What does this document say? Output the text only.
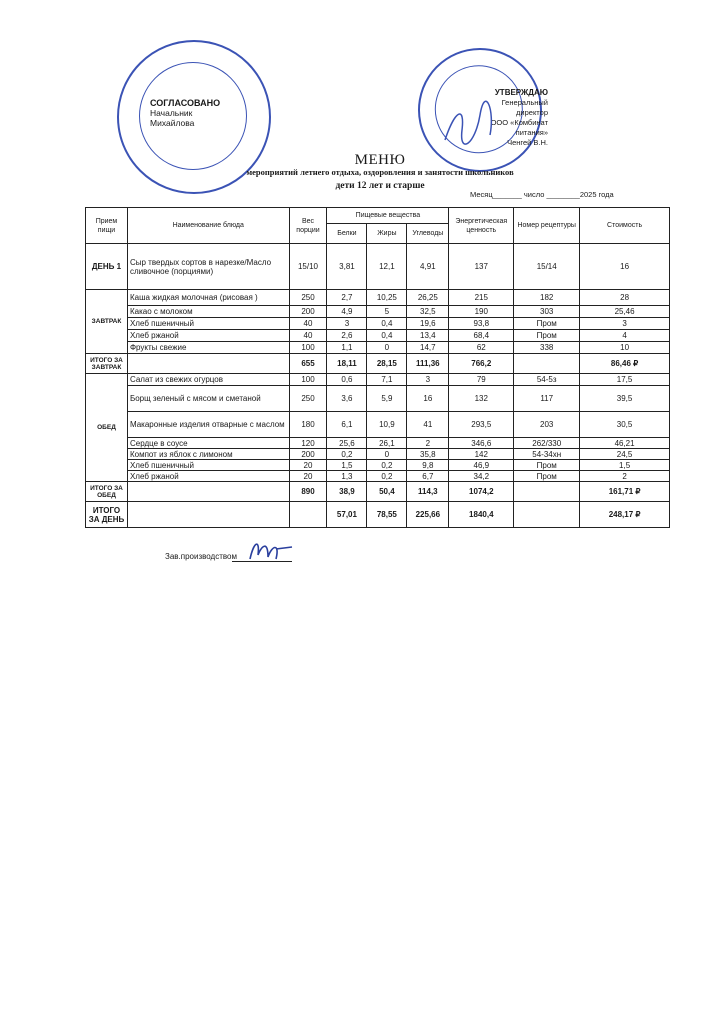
СОГЛАСОВАНО
Начальник
Михайлова
УТВЕРЖДАЮ
Генеральный директор
ООО «Комбинат питания»
Ченгей В.Н.
МЕНЮ
мероприятий летнего отдыха, оздоровления и занятости школьников
дети 12 лет и старше
Месяц_______ число ________2025 года
Прием пищи	Наименование блюда	Вес порции	Пищевые вещества			Энергетическая ценность	Номер рецептуры	Стоимость
			Белки	Жиры	Углеводы			
ДЕНЬ 1	Сыр твердых сортов в нарезке/Масло сливочное (порциями)	15/10	3,81	12,1	4,91	137	15/14	16
ЗАВТРАК	Каша жидкая молочная (рисовая )	250	2,7	10,25	26,25	215	182	28
	Какао с молоком	200	4,9	5	32,5	190	303	25,46
	Хлеб пшеничный	40	3	0,4	19,6	93,8	Пром	3
	Хлеб ржаной	40	2,6	0,4	13,4	68,4	Пром	4
	Фрукты свежие	100	1,1	0	14,7	62	338	10
ИТОГО ЗА ЗАВТРАК		655	18,11	28,15	111,36	766,2		86,46 ₽
ОБЕД	Салат из свежих огурцов	100	0,6	7,1	3	79	54-5з	17,5
	Борщ зеленый с мясом и сметаной	250	3,6	5,9	16	132	117	39,5
	Макаронные изделия отварные с маслом	180	6,1	10,9	41	293,5	203	30,5
	Сердце в соусе	120	25,6	26,1	2	346,6	262/330	46,21
	Компот из яблок с лимоном	200	0,2	0	35,8	142	54-34хн	24,5
	Хлеб пшеничный	20	1,5	0,2	9,8	46,9	Пром	1,5
	Хлеб ржаной	20	1,3	0,2	6,7	34,2	Пром	2
ИТОГО ЗА ОБЕД		890	38,9	50,4	114,3	1074,2		161,71 ₽
ИТОГО ЗА ДЕНЬ			57,01	78,55	225,66	1840,4		248,17 ₽
Зав.производством
